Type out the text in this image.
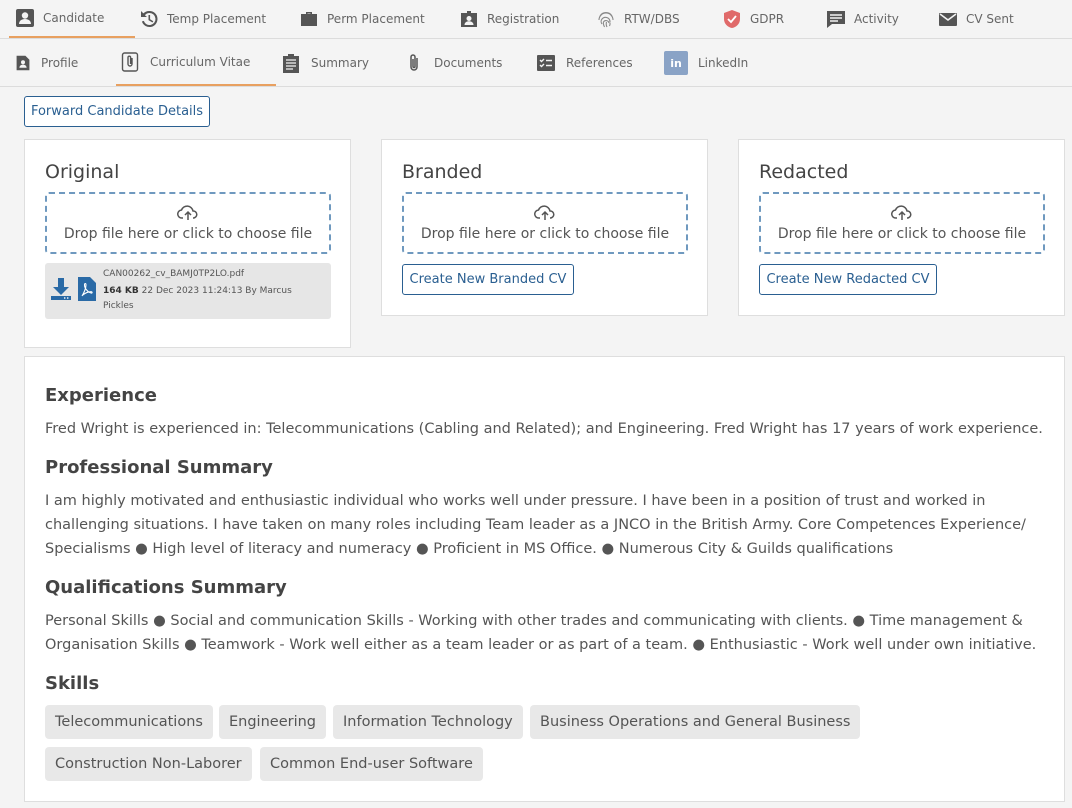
Candidate	Temp Placement	Perm Placement	Registration	RTW/DBS	GDPR	Activity	CV Sent
Profile	Curriculum Vitae	Summary	Documents	References	in	LinkedIn
Forward Candidate Details
Original
Drop file here or click to choose file
CAN00262_cv_BAMJ0TP2LO.pdf
164 KB 22 Dec 2023 11:24:13 By Marcus Pickles
Branded
Drop file here or click to choose file
Create New Branded CV
Redacted
Drop file here or click to choose file
Create New Redacted CV
Experience

Fred Wright is experienced in: Telecommunications (Cabling and Related); and Engineering. Fred Wright has 17 years of work experience.

Professional Summary

I am highly motivated and enthusiastic individual who works well under pressure. I have been in a position of trust and worked in challenging situations. I have taken on many roles including Team leader as a JNCO in the British Army. Core Competences Experience/ Specialisms ● High level of literacy and numeracy ● Proficient in MS Office. ● Numerous City & Guilds qualifications

Qualifications Summary

Personal Skills ● Social and communication Skills - Working with other trades and communicating with clients. ● Time management & Organisation Skills ● Teamwork - Work well either as a team leader or as part of a team. ● Enthusiastic - Work well under own initiative.

Skills
Telecommunications	Engineering	Information Technology	Business Operations and General Business
Construction Non-Laborer	Common End-user Software
